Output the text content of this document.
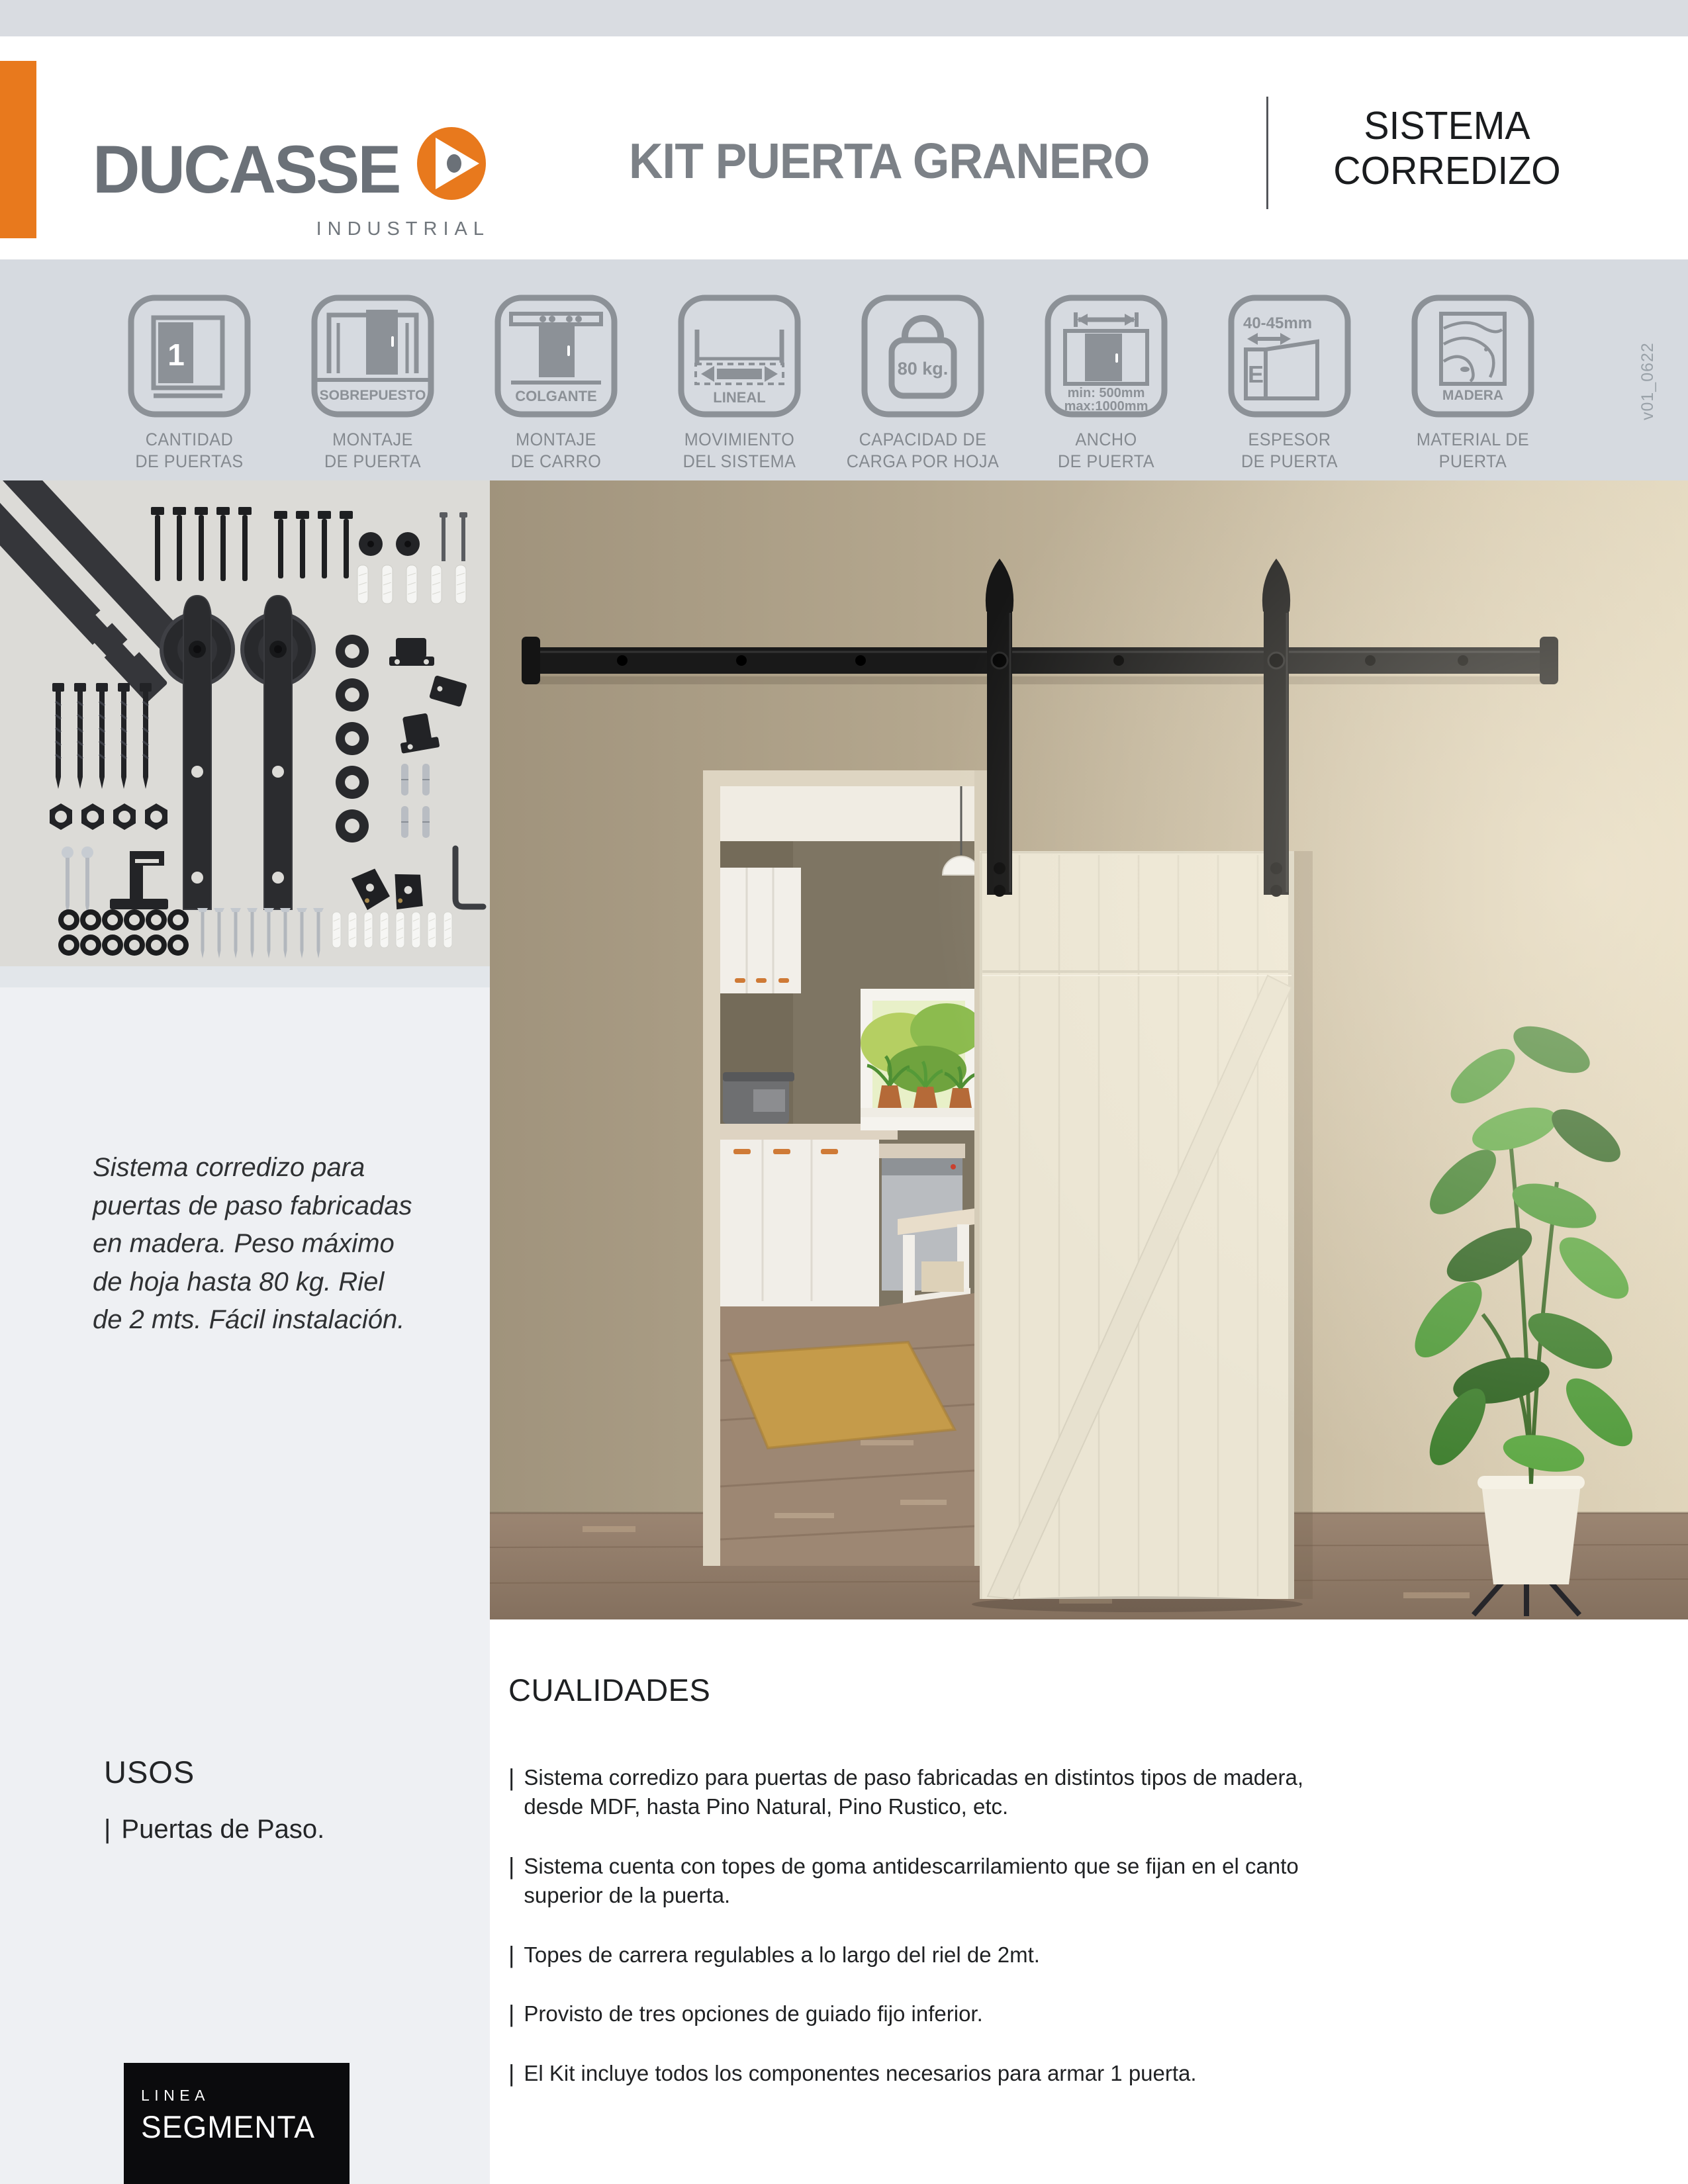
DUCASSE
INDUSTRIAL
KIT PUERTA GRANERO
SISTEMA
CORREDIZO
1
CANTIDAD
DE PUERTAS
SOBREPUESTO
MONTAJE
DE PUERTA
COLGANTE
MONTAJE
DE CARRO
LINEAL
MOVIMIENTO
DEL SISTEMA
80 kg.
CAPACIDAD DE
CARGA POR HOJA
min: 500mm
max:1000mm
ANCHO
DE PUERTA
40-45mm
E
ESPESOR
DE PUERTA
MADERA
MATERIAL DE
PUERTA
v01_0622
Sistema corredizo para puertas de paso fabricadas en madera. Peso máximo de hoja hasta 80 kg. Riel de 2 mts. Fácil instalación.
USOS
| Puertas de Paso.
CUALIDADES
| Sistema corredizo para puertas de paso fabricadas en distintos tipos de madera, desde MDF, hasta Pino Natural, Pino Rustico, etc.
| Sistema cuenta con topes de goma antidescarrilamiento que se fijan en el canto superior de la puerta.
| Topes de carrera regulables a lo largo del riel de 2mt.
| Provisto de tres opciones de guiado fijo inferior.
| El Kit incluye todos los componentes necesarios para armar 1 puerta.
LINEA
SEGMENTA
